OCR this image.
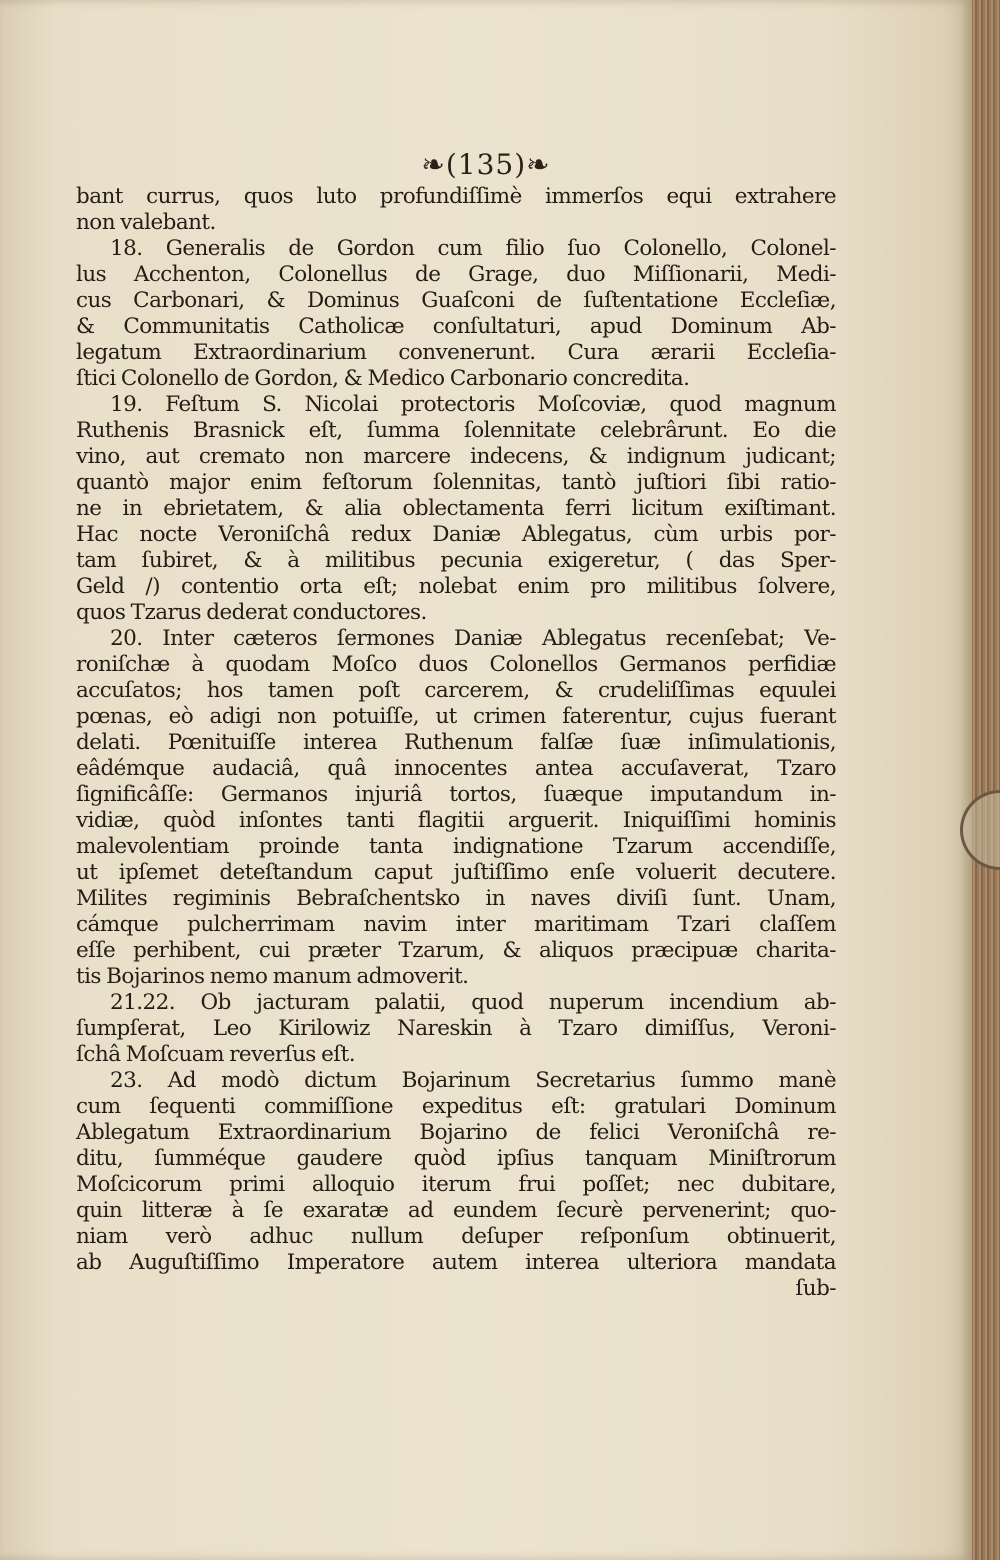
❧(135)❧
bant currus, quos luto profundiſſimè immerſos equi extrahere
non valebant.
18. Generalis de Gordon cum filio ſuo Colonello, Colonel-
lus Acchenton, Colonellus de Grage, duo Miſſionarii, Medi-
cus Carbonari, & Dominus Guaſconi de ſuſtentatione Eccleſiæ,
& Communitatis Catholicæ conſultaturi, apud Dominum Ab-
legatum Extraordinarium convenerunt. Cura ærarii Eccleſia-
ſtici Colonello de Gordon, & Medico Carbonario concredita.
19. Feſtum S. Nicolai protectoris Moſcoviæ, quod magnum
Ruthenis Brasnick eſt, ſumma ſolennitate celebrârunt. Eo die
vino, aut cremato non marcere indecens, & indignum judicant;
quantò major enim feſtorum ſolennitas, tantò juſtiori ſibi ratio-
ne in ebrietatem, & alia oblectamenta ferri licitum exiſtimant.
Hac nocte Veroniſchâ redux Daniæ Ablegatus, cùm urbis por-
tam ſubiret, & à militibus pecunia exigeretur, ( das Sper-
Geld /) contentio orta eſt; nolebat enim pro militibus ſolvere,
quos Tzarus dederat conductores.
20. Inter cæteros ſermones Daniæ Ablegatus recenſebat; Ve-
roniſchæ à quodam Moſco duos Colonellos Germanos perfidiæ
accuſatos; hos tamen poſt carcerem, & crudeliſſimas equulei
pœnas, eò adigi non potuiſſe, ut crimen faterentur, cujus fuerant
delati. Pœnituiſſe interea Ruthenum falſæ ſuæ inſimulationis,
eâdémque audaciâ, quâ innocentes antea accuſaverat, Tzaro
ſignificâſſe: Germanos injuriâ tortos, ſuæque imputandum in-
vidiæ, quòd inſontes tanti flagitii arguerit. Iniquiſſimi hominis
malevolentiam proinde tanta indignatione Tzarum accendiſſe,
ut ipſemet deteſtandum caput juſtiſſimo enſe voluerit decutere.
Milites regiminis Bebraſchentsko in naves diviſi ſunt. Unam,
cámque pulcherrimam navim inter maritimam Tzari claſſem
eſſe perhibent, cui præter Tzarum, & aliquos præcipuæ charita-
tis Bojarinos nemo manum admoverit.
21.22. Ob jacturam palatii, quod nuperum incendium ab-
ſumpſerat, Leo Kirilowiz Nareskin à Tzaro dimiſſus, Veroni-
ſchâ Moſcuam reverſus eſt.
23. Ad modò dictum Bojarinum Secretarius ſummo manè
cum ſequenti commiſſione expeditus eſt: gratulari Dominum
Ablegatum Extraordinarium Bojarino de felici Veroniſchâ re-
ditu, ſumméque gaudere quòd ipſius tanquam Miniſtrorum
Moſcicorum primi alloquio iterum frui poſſet; nec dubitare,
quin litteræ à ſe exaratæ ad eundem ſecurè pervenerint; quo-
niam verò adhuc nullum deſuper reſponſum obtinuerit,
ab Auguſtiſſimo Imperatore autem interea ulteriora mandata
ſub-
